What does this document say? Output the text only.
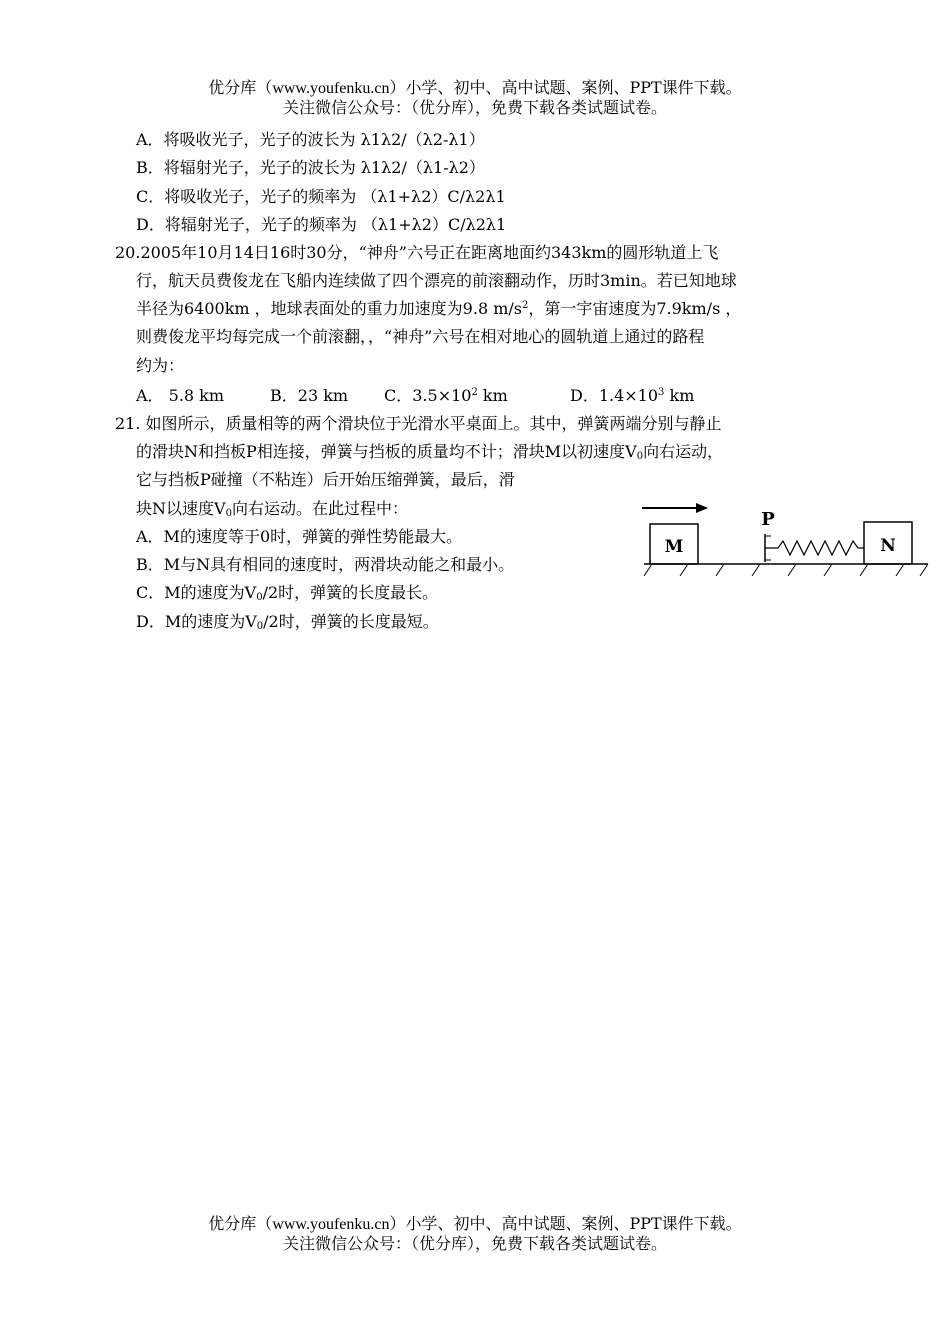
优分库（www.youfenku.cn）小学、初中、高中试题、案例、PPT课件下载。
关注微信公众号：（优分库），免费下载各类试题试卷。
A．将吸收光子，光子的波长为 λ1λ2/（λ2-λ1）
B．将辐射光子，光子的波长为 λ1λ2/（λ1-λ2）
C．将吸收光子，光子的频率为 （λ1+λ2）C/λ2λ1
D．将辐射光子，光子的频率为 （λ1+λ2）C/λ2λ1
20.2005年10月14日16时30分，“神舟”六号正在距离地面约343km的圆形轨道上飞
行，航天员费俊龙在飞船内连续做了四个漂亮的前滚翻动作，历时3min。若已知地球
半径为6400km ，地球表面处的重力加速度为9.8 $m/s^2$，第一宇宙速度为7.9km/s ，
则费俊龙平均每完成一个前滚翻，，“神舟”六号在相对地心的圆轨道上通过的路程
约为：
A． 5.8 km	B．23 km C．$3.5\times 10^2$ km	D．$1.4\times 10^3$ km
21. 如图所示，质量相等的两个滑块位于光滑水平桌面上。其中，弹簧两端分别与静止
的滑块N和挡板P相连接，弹簧与挡板的质量均不计；滑块M以初速度$V_0$向右运动，
它与挡板P碰撞（不粘连）后开始压缩弹簧，最后，滑
块N以速度$V_0$向右运动。在此过程中：
A．M的速度等于0时，弹簧的弹性势能最大。
B．M与N具有相同的速度时，两滑块动能之和最小。
C．M的速度为$V_0/2$时，弹簧的长度最长。
D．M的速度为$V_0/2$时，弹簧的长度最短。
M
P
N
优分库（www.youfenku.cn）小学、初中、高中试题、案例、PPT课件下载。
关注微信公众号：（优分库），免费下载各类试题试卷。
